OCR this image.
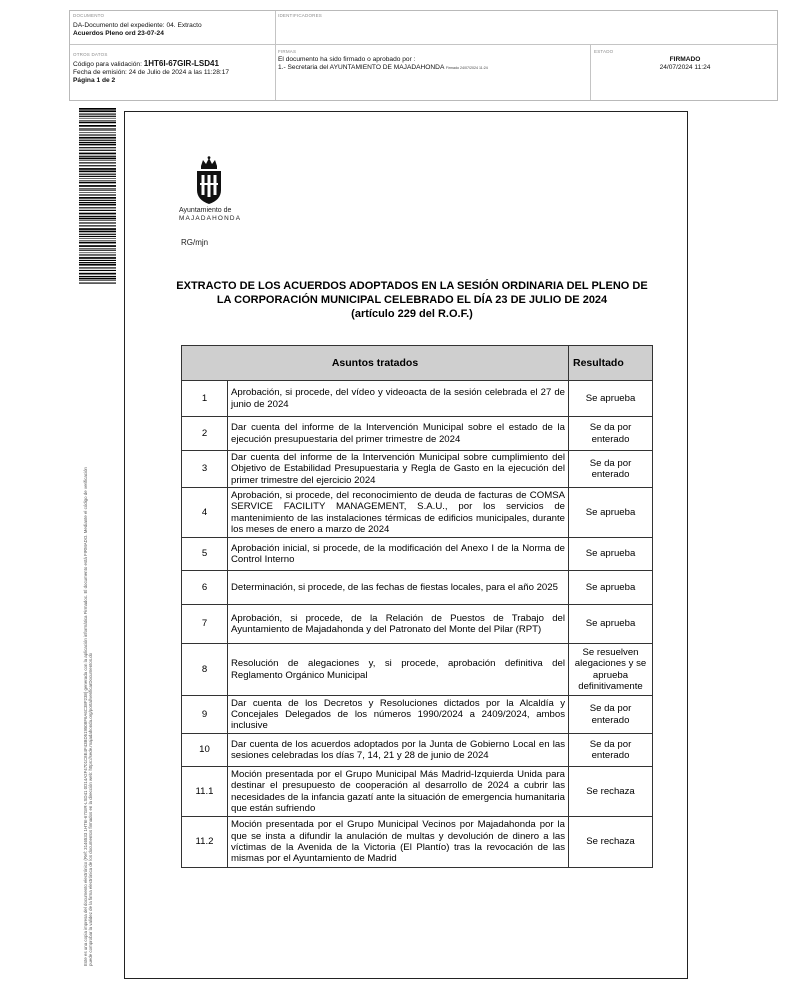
DOCUMENTO
DA-Documento del expediente: 04. Extracto
Acuerdos Pleno ord 23-07-24
IDENTIFICADORES
OTROS DATOS
Código para validación: 1HT6I-67GIR-LSD41
Fecha de emisión: 24 de Julio de 2024 a las 11:28:17
Página 1 de 2
FIRMAS
El documento ha sido firmado o aprobado por :
1.- Secretaria del AYUNTAMIENTO DE MAJADAHONDA Firmado 24/07/2024 11:24
ESTADO
FIRMADO
24/07/2024 11:24
Este es una copia impresa del documento electrónico (Ref: 3146533 1HT6I-67GIR-LSD41 0D14A2F4701C8E4F43BD519508F6A6C38F238) generada con la aplicación informática Firmadoc. El documento está FIRMADO. Mediante el código de verificación puede comprobar la validez de la firma electrónica de los documentos firmados en la dirección web: https://sede.majadahonda.org/portal/verificarDocumentos.do
Ayuntamiento de
MAJADAHONDA
RG/mjn
EXTRACTO DE LOS ACUERDOS ADOPTADOS EN LA SESIÓN ORDINARIA DEL PLENO DE
LA CORPORACIÓN MUNICIPAL CELEBRADO EL DÍA 23 DE JULIO DE 2024
(artículo 229 del R.O.F.)
Asuntos tratados		Resultado
1	Aprobación, si procede, del vídeo y videoacta de la sesión celebrada el 27 de junio de 2024	Se aprueba
2	Dar cuenta del informe de la Intervención Municipal sobre el estado de la ejecución presupuestaria del primer trimestre de 2024	Se da por enterado
3	Dar cuenta del informe de la Intervención Municipal sobre cumplimiento del Objetivo de Estabilidad Presupuestaria y Regla de Gasto en la ejecución del primer trimestre del ejercicio 2024	Se da por enterado
4	Aprobación, si procede, del reconocimiento de deuda de facturas de COMSA SERVICE FACILITY MANAGEMENT, S.A.U., por los servicios de mantenimiento de las instalaciones térmicas de edificios municipales, durante los meses de enero a marzo de 2024	Se aprueba
5	Aprobación inicial, si procede, de la modificación del Anexo I de la Norma de Control Interno	Se aprueba
6	Determinación, si procede, de las fechas de fiestas locales, para el año 2025	Se aprueba
7	Aprobación, si procede, de la Relación de Puestos de Trabajo del Ayuntamiento de Majadahonda y del Patronato del Monte del Pilar (RPT)	Se aprueba
8	Resolución de alegaciones y, si procede, aprobación definitiva del Reglamento Orgánico Municipal	Se resuelven alegaciones y se aprueba definitivamente
9	Dar cuenta de los Decretos y Resoluciones dictados por la Alcaldía y Concejales Delegados de los números 1990/2024 a 2409/2024, ambos inclusive	Se da por enterado
10	Dar cuenta de los acuerdos adoptados por la Junta de Gobierno Local en las sesiones celebradas los días 7, 14, 21 y 28 de junio de 2024	Se da por enterado
11.1	Moción presentada por el Grupo Municipal Más Madrid-Izquierda Unida para destinar el presupuesto de cooperación al desarrollo de 2024 a cubrir las necesidades de la infancia gazatí ante la situación de emergencia humanitaria que están sufriendo	Se rechaza
11.2	Moción presentada por el Grupo Municipal Vecinos por Majadahonda por la que se insta a difundir la anulación de multas y devolución de dinero a las víctimas de la Avenida de la Victoria (El Plantío) tras la revocación de las mismas por el Ayuntamiento de Madrid	Se rechaza
